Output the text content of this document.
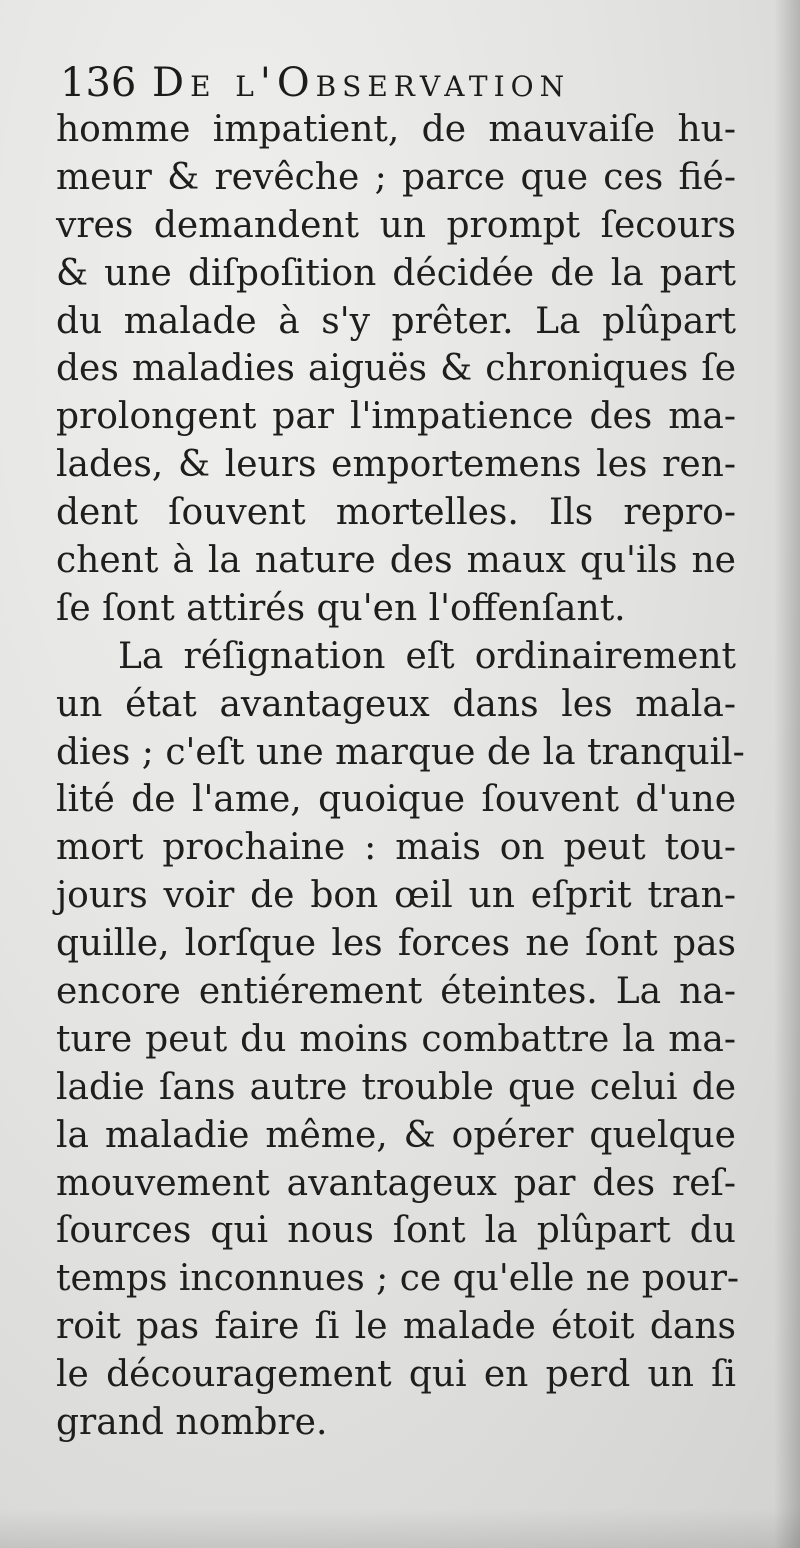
136 De l'Observation
homme impatient, de mauvaiſe hu-
meur & revêche ; parce que ces fié-
vres demandent un prompt ſecours
& une diſpoſition décidée de la part
du malade à s'y prêter. La plûpart
des maladies aiguës & chroniques ſe
prolongent par l'impatience des ma-
lades, & leurs emportemens les ren-
dent ſouvent mortelles. Ils repro-
chent à la nature des maux qu'ils ne
ſe ſont attirés qu'en l'offenſant.
La réſignation eſt ordinairement
un état avantageux dans les mala-
dies ; c'eſt une marque de la tranquil-
lité de l'ame, quoique ſouvent d'une
mort prochaine : mais on peut tou-
jours voir de bon œil un eſprit tran-
quille, lorſque les forces ne ſont pas
encore entiérement éteintes. La na-
ture peut du moins combattre la ma-
ladie ſans autre trouble que celui de
la maladie même, & opérer quelque
mouvement avantageux par des reſ-
ſources qui nous ſont la plûpart du
temps inconnues ; ce qu'elle ne pour-
roit pas faire ſi le malade étoit dans
le découragement qui en perd un ſi
grand nombre.
